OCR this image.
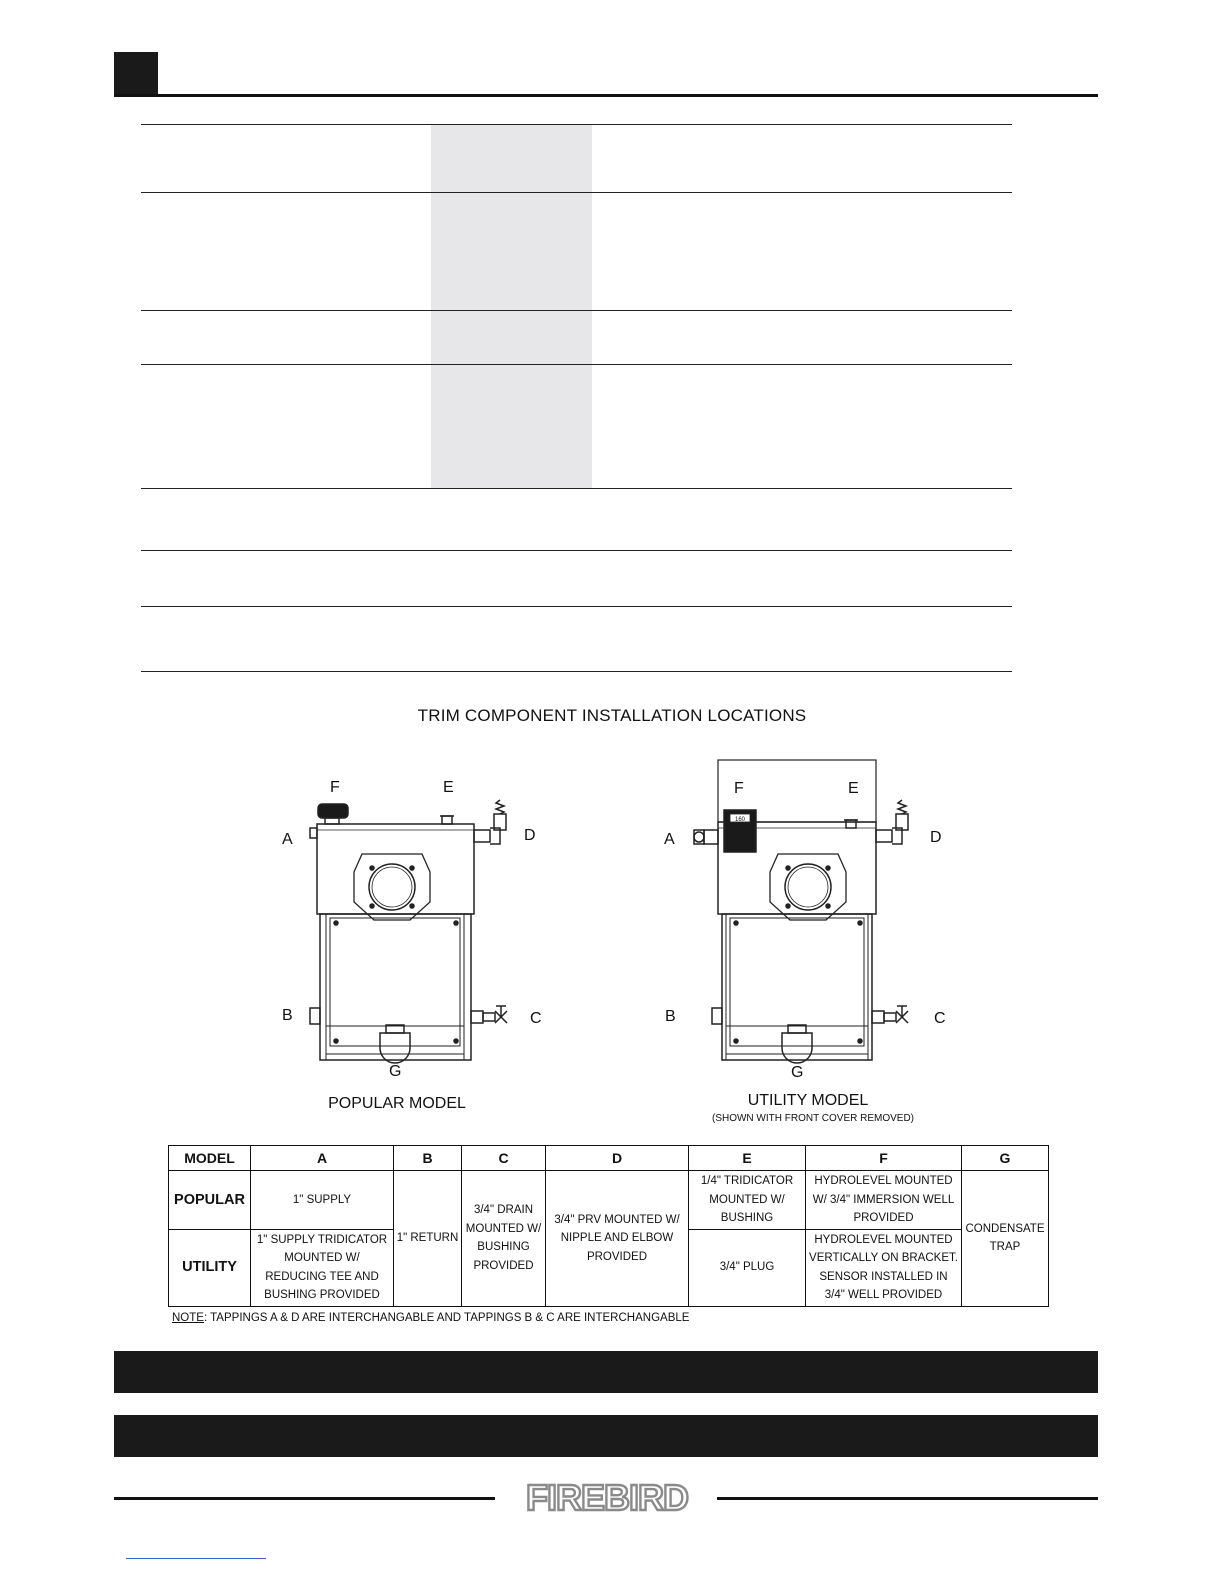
TRIM COMPONENT INSTALLATION LOCATIONS
F	E
A	D
B	C
G
POPULAR MODEL
160
F	E
A	D
B	C
G
UTILITY MODEL
(SHOWN WITH FRONT COVER REMOVED)
MODEL	A	B	C	D	E	F	G
POPULAR	1" SUPPLY	1" RETURN	3/4" DRAIN MOUNTED W/ BUSHING PROVIDED	3/4" PRV MOUNTED W/ NIPPLE AND ELBOW PROVIDED	1/4" TRIDICATOR MOUNTED W/ BUSHING	HYDROLEVEL MOUNTED W/ 3/4" IMMERSION WELL PROVIDED	CONDENSATE TRAP
UTILITY	1" SUPPLY TRIDICATOR MOUNTED W/ REDUCING TEE AND BUSHING PROVIDED				3/4" PLUG	HYDROLEVEL MOUNTED VERTICALLY ON BRACKET. SENSOR INSTALLED IN 3/4" WELL PROVIDED	
NOTE: TAPPINGS A & D ARE INTERCHANGABLE AND TAPPINGS B & C ARE INTERCHANGABLE
FIREBIRD
